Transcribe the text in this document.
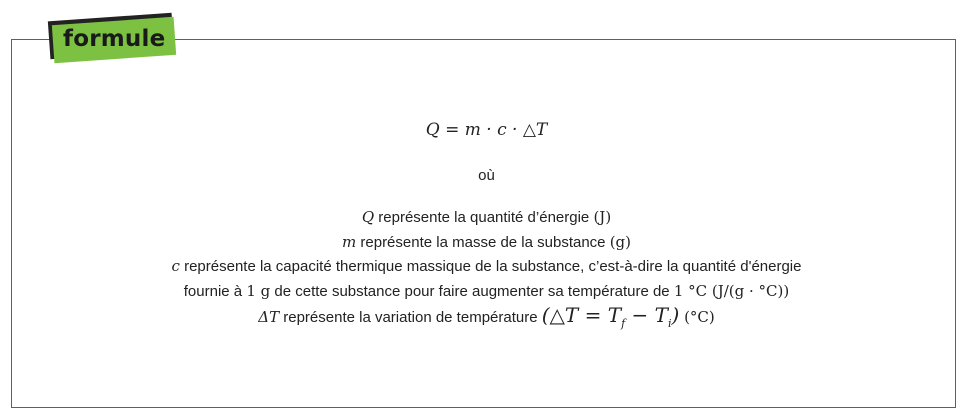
formule
Q = m · c · △T
où
Q représente la quantité d’énergie (J)
m représente la masse de la substance (g)
c représente la capacité thermique massique de la substance, c’est-à-dire la quantité d'énergie
fournie à 1 g de cette substance pour faire augmenter sa température de 1 °C (J/(g · °C))
ΔT représente la variation de température (△T = $T_f - T_i$) (°C)
